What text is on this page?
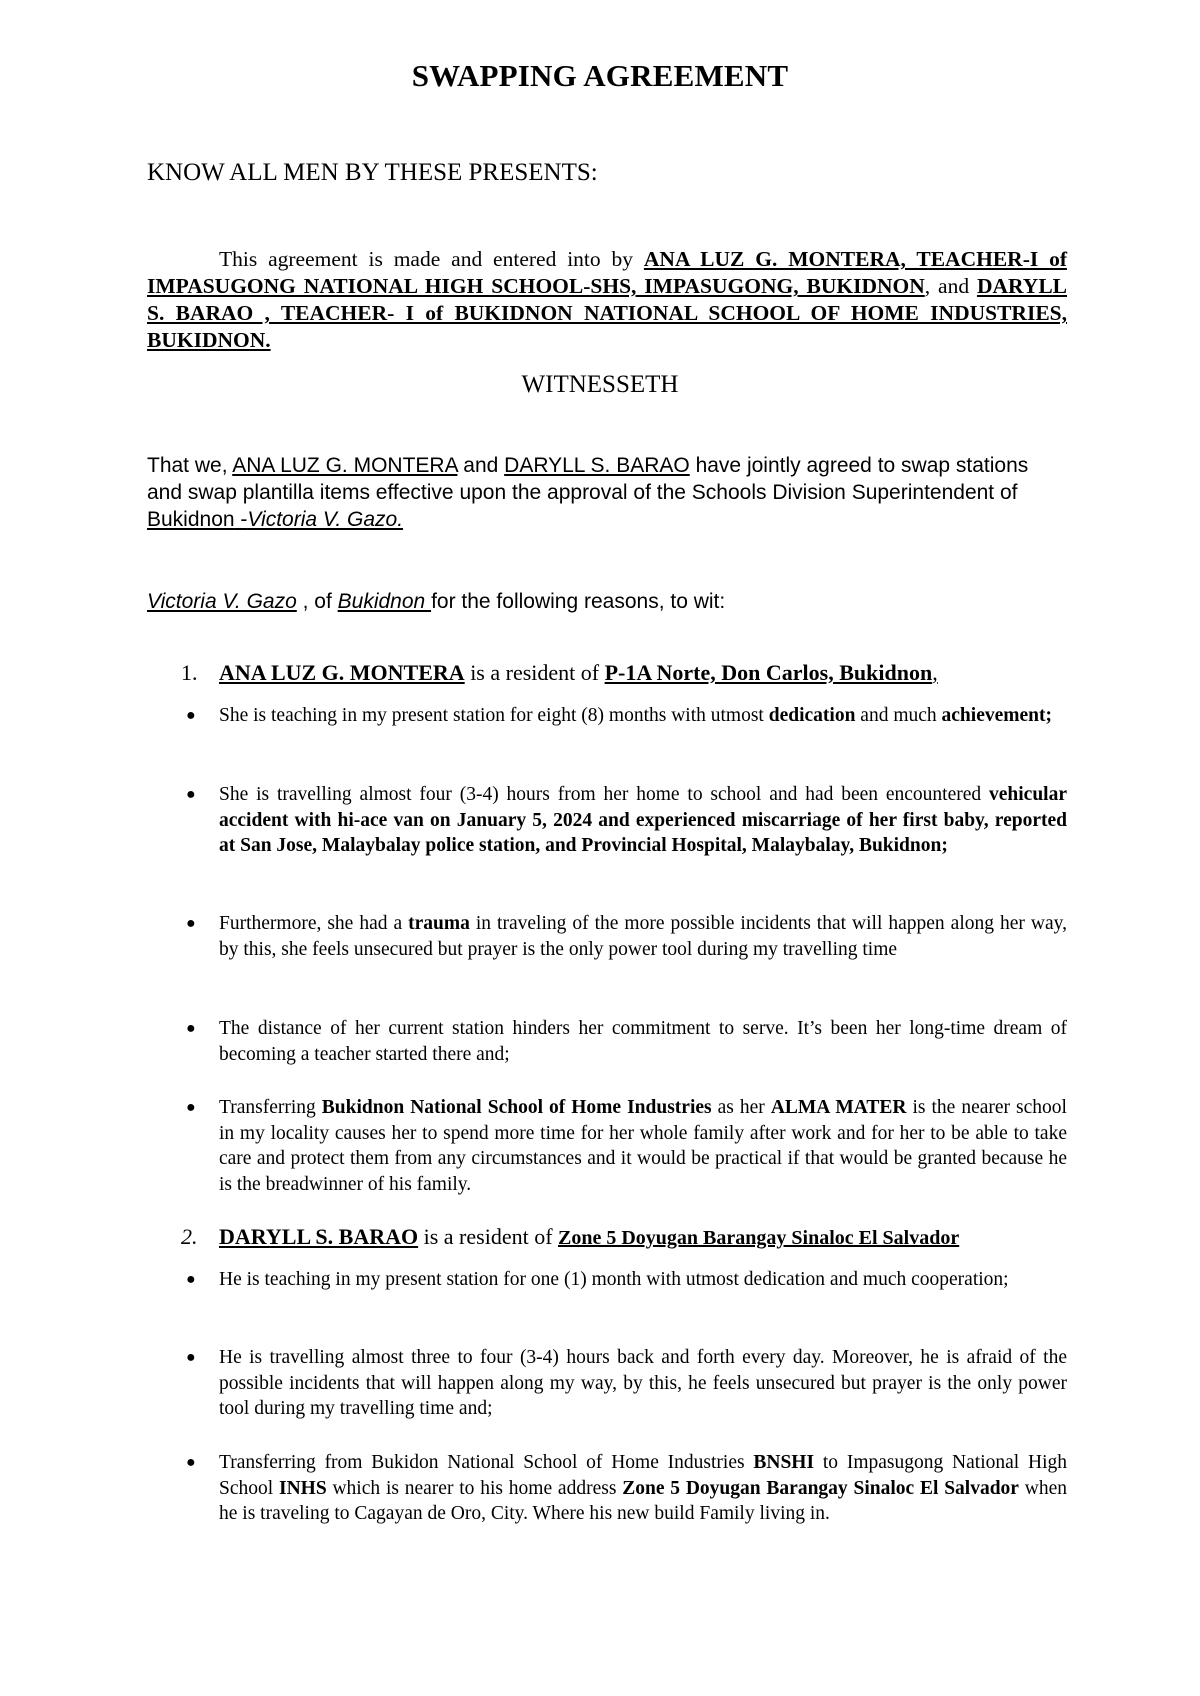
SWAPPING AGREEMENT
KNOW ALL MEN BY THESE PRESENTS:
This agreement is made and entered into by ANA LUZ G. MONTERA, TEACHER-I of IMPASUGONG NATIONAL HIGH SCHOOL-SHS, IMPASUGONG, BUKIDNON, and DARYLL S. BARAO , TEACHER- I of BUKIDNON NATIONAL SCHOOL OF HOME INDUSTRIES, BUKIDNON.
WITNESSETH
That we, ANA LUZ G. MONTERA and DARYLL S. BARAO have jointly agreed to swap stations and swap plantilla items effective upon the approval of the Schools Division Superintendent of Bukidnon -Victoria V. Gazo.
Victoria V. Gazo , of Bukidnon for the following reasons, to wit:
1. ANA LUZ G. MONTERA is a resident of P-1A Norte, Don Carlos, Bukidnon,
● She is teaching in my present station for eight (8) months with utmost dedication and much achievement;
● She is travelling almost four (3-4) hours from her home to school and had been encountered vehicular accident with hi-ace van on January 5, 2024 and experienced miscarriage of her first baby, reported at San Jose, Malaybalay police station, and Provincial Hospital, Malaybalay, Bukidnon;
● Furthermore, she had a trauma in traveling of the more possible incidents that will happen along her way, by this, she feels unsecured but prayer is the only power tool during my travelling time
● The distance of her current station hinders her commitment to serve. It’s been her long-time dream of becoming a teacher started there and;
● Transferring Bukidnon National School of Home Industries as her ALMA MATER is the nearer school in my locality causes her to spend more time for her whole family after work and for her to be able to take care and protect them from any circumstances and it would be practical if that would be granted because he is the breadwinner of his family.
2. DARYLL S. BARAO is a resident of Zone 5 Doyugan Barangay Sinaloc El Salvador
● He is teaching in my present station for one (1) month with utmost dedication and much cooperation;
● He is travelling almost three to four (3-4) hours back and forth every day. Moreover, he is afraid of the possible incidents that will happen along my way, by this, he feels unsecured but prayer is the only power tool during my travelling time and;
● Transferring from Bukidon National School of Home Industries BNSHI to Impasugong National High School INHS which is nearer to his home address Zone 5 Doyugan Barangay Sinaloc El Salvador when he is traveling to Cagayan de Oro, City. Where his new build Family living in.
